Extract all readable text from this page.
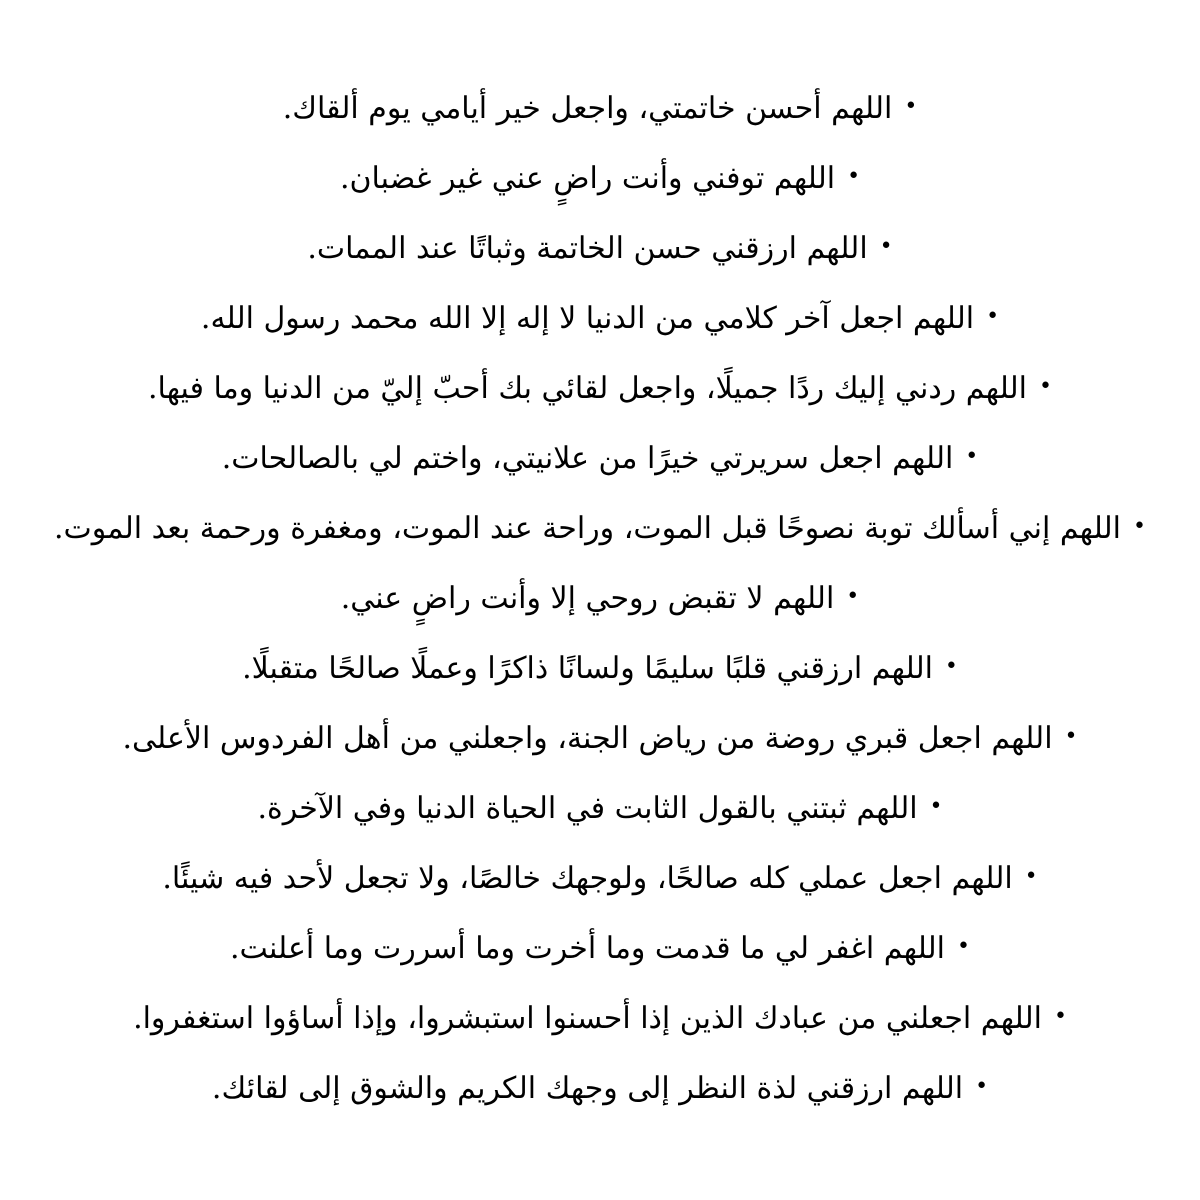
•اللهم أحسن خاتمتي، واجعل خير أيامي يوم ألقاك.
•اللهم توفني وأنت راضٍ عني غير غضبان.
•اللهم ارزقني حسن الخاتمة وثباتًا عند الممات.
•اللهم اجعل آخر كلامي من الدنيا لا إله إلا الله محمد رسول الله.
•اللهم ردني إليك ردًا جميلًا، واجعل لقائي بك أحبّ إليّ من الدنيا وما فيها.
•اللهم اجعل سريرتي خيرًا من علانيتي، واختم لي بالصالحات.
•اللهم إني أسألك توبة نصوحًا قبل الموت، وراحة عند الموت، ومغفرة ورحمة بعد الموت.
•اللهم لا تقبض روحي إلا وأنت راضٍ عني.
•اللهم ارزقني قلبًا سليمًا ولسانًا ذاكرًا وعملًا صالحًا متقبلًا.
•اللهم اجعل قبري روضة من رياض الجنة، واجعلني من أهل الفردوس الأعلى.
•اللهم ثبتني بالقول الثابت في الحياة الدنيا وفي الآخرة.
•اللهم اجعل عملي كله صالحًا، ولوجهك خالصًا، ولا تجعل لأحد فيه شيئًا.
•اللهم اغفر لي ما قدمت وما أخرت وما أسررت وما أعلنت.
•اللهم اجعلني من عبادك الذين إذا أحسنوا استبشروا، وإذا أساؤوا استغفروا.
•اللهم ارزقني لذة النظر إلى وجهك الكريم والشوق إلى لقائك.
